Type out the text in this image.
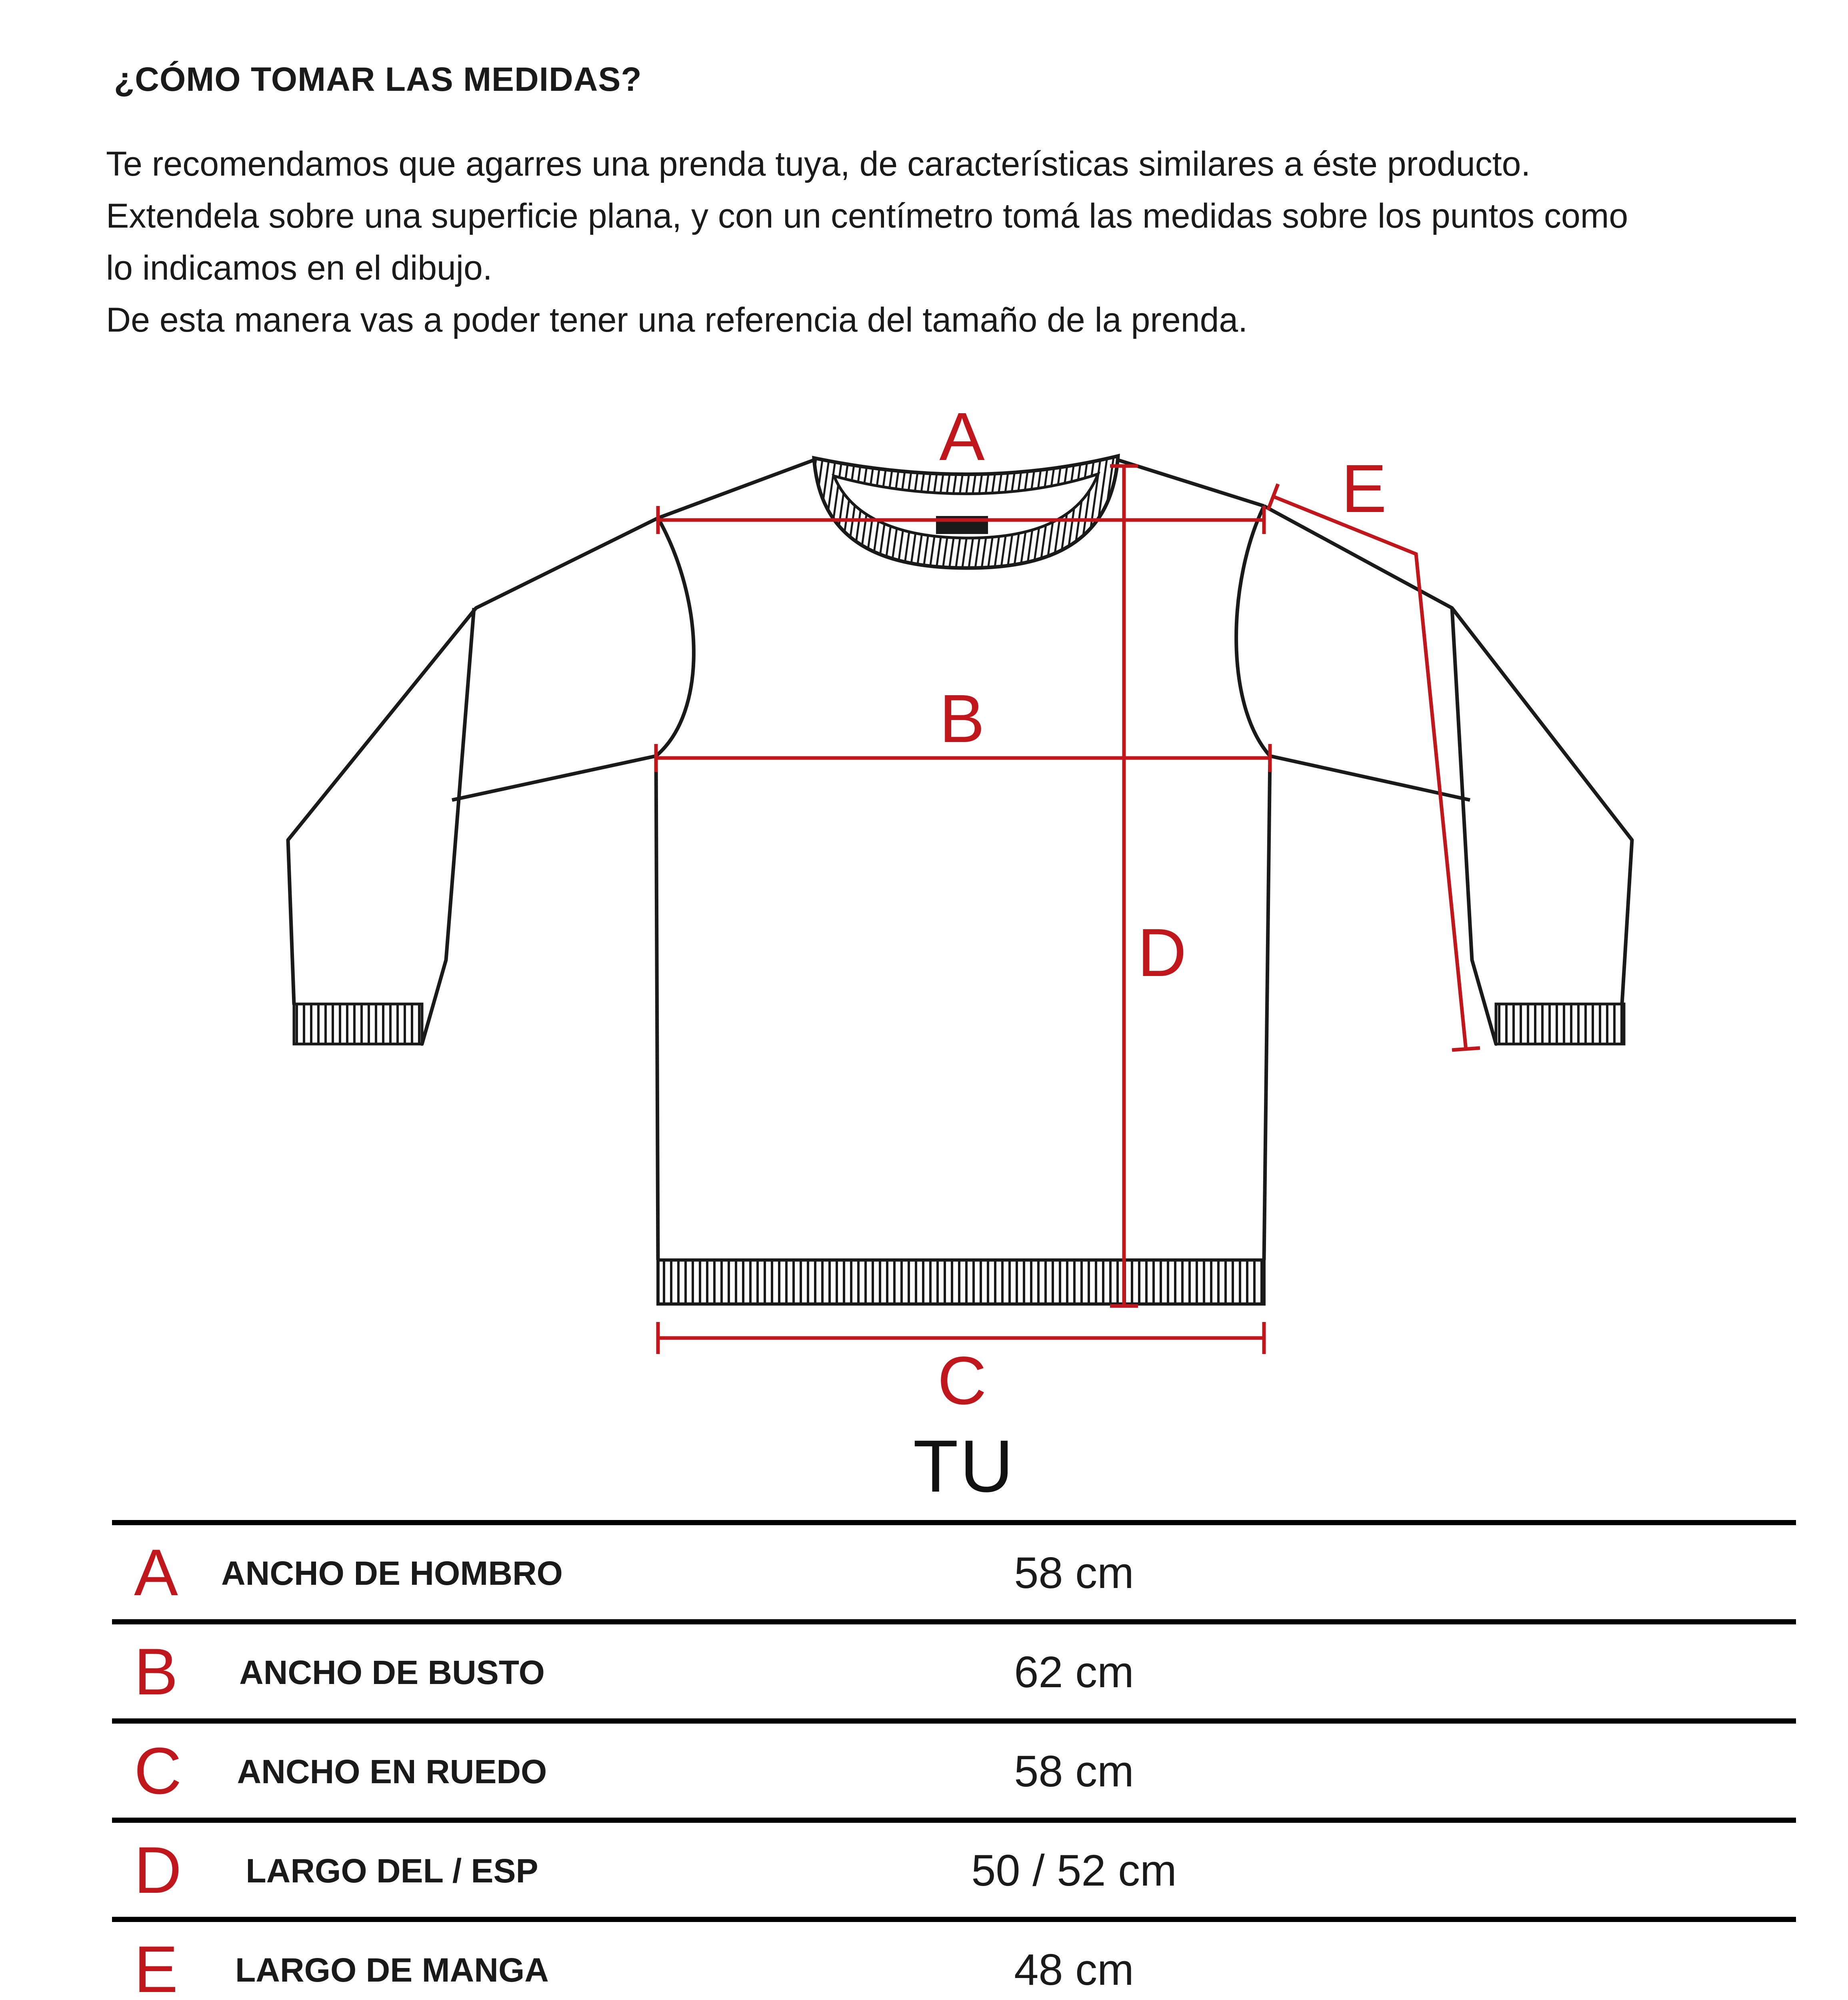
¿CÓMO TOMAR LAS MEDIDAS?

Te recomendamos que agarres una prenda tuya, de características similares a éste producto.

Extendela sobre una superficie plana, y con un centímetro tomá las medidas sobre los puntos como

lo indicamos en el dibujo.

De esta manera vas a poder tener una referencia del tamaño de la prenda.

A
B
C
D
E
TU
A	ANCHO DE HOMBRO	58 cm
B	ANCHO DE BUSTO	62 cm
C	ANCHO EN RUEDO	58 cm
D	LARGO DEL / ESP	50 / 52 cm
E	LARGO DE MANGA	48 cm
